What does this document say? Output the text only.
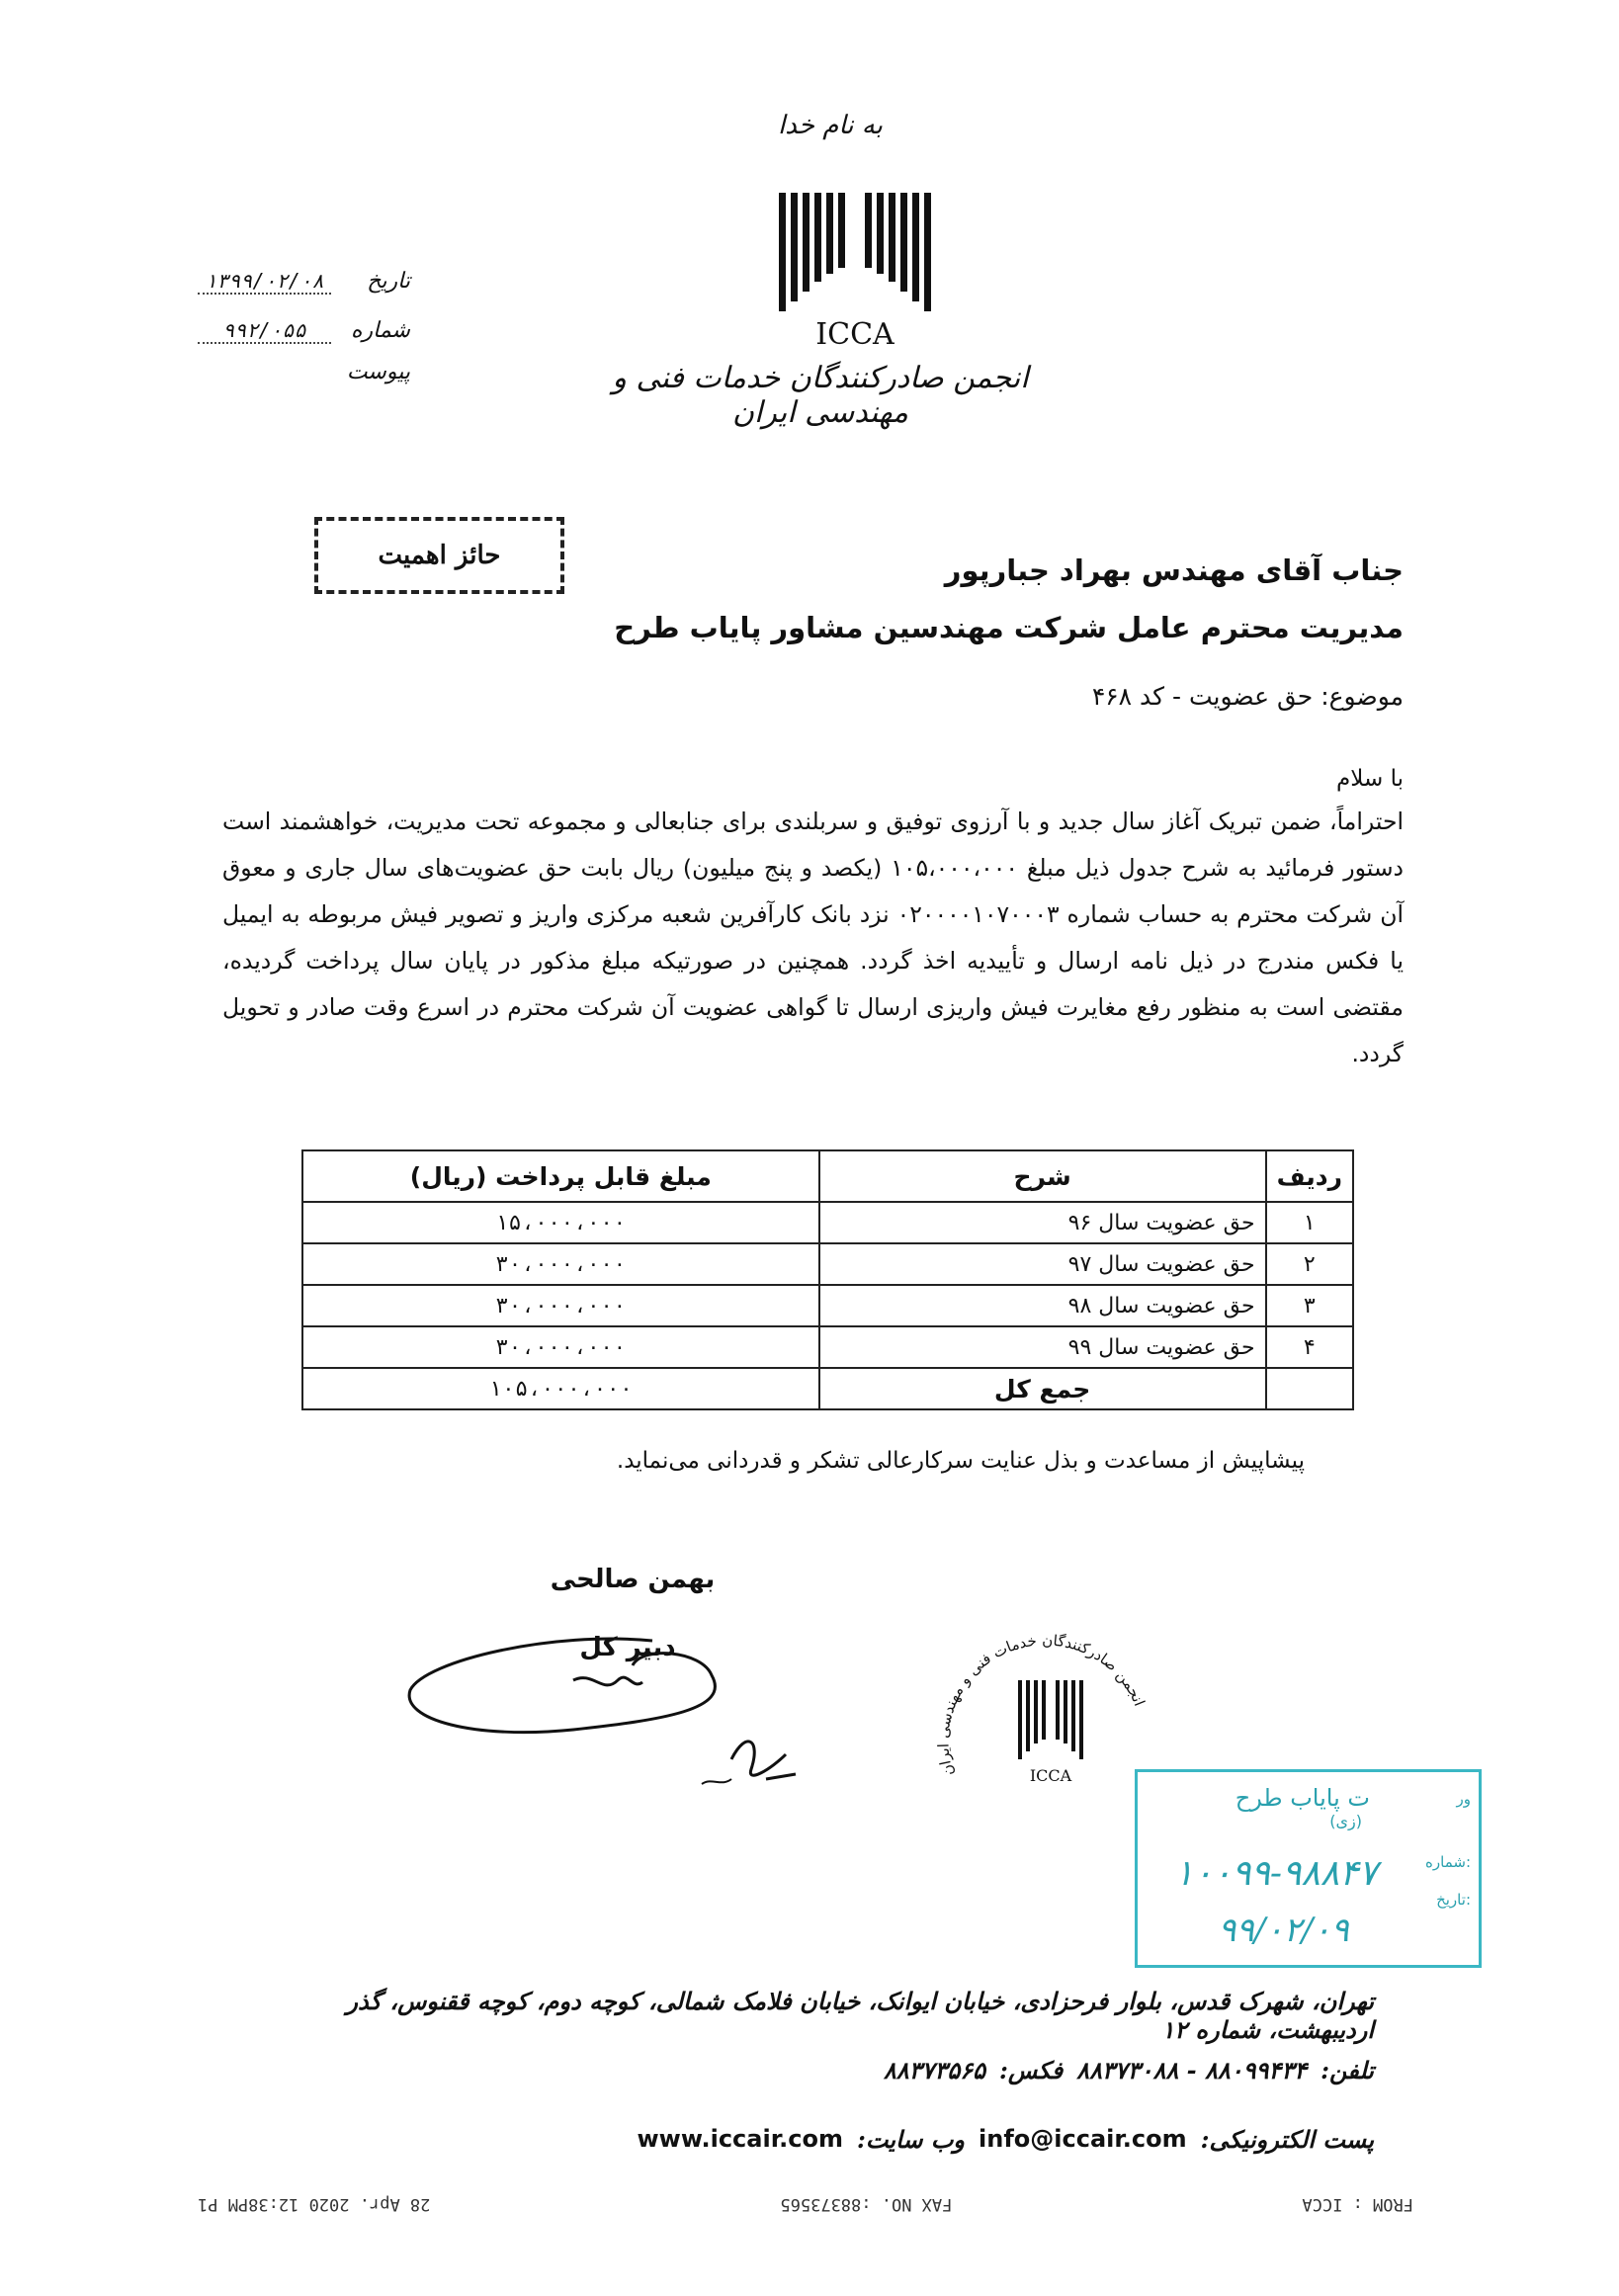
به نام خدا
ICCA
انجمن صادرکنندگان خدمات فنی و مهندسی ایران
تاریخ
۱۳۹۹/۰۲/۰۸
شماره
۹۹۲/۰۵۵
پیوست
حائز اهمیت	جناب آقای مهندس بهراد جبارپور
مدیریت محترم عامل شرکت مهندسین مشاور پایاب طرح
موضوع: حق عضویت - کد ۴۶۸
با سلام
احتراماً، ضمن تبریک آغاز سال جدید و با آرزوی توفیق و سربلندی برای جنابعالی و مجموعه تحت مدیریت، خواهشمند است دستور فرمائید به شرح جدول ذیل مبلغ ۱۰۵،۰۰۰،۰۰۰ (یکصد و پنج میلیون) ریال بابت حق عضویت‌های سال جاری و معوق آن شرکت محترم به حساب شماره ۰۲۰۰۰۰۱۰۷۰۰۰۳ نزد بانک کارآفرین شعبه مرکزی واریز و تصویر فیش مربوطه به ایمیل یا فکس مندرج در ذیل نامه ارسال و تأییدیه اخذ گردد. همچنین در صورتیکه مبلغ مذکور در پایان سال پرداخت گردیده، مقتضی است به منظور رفع مغایرت فیش واریزی ارسال تا گواهی عضویت آن شرکت محترم در اسرع وقت صادر و تحویل گردد.
ردیف	شرح	مبلغ قابل پرداخت (ریال)
۱	حق عضویت سال ۹۶	۱۵،۰۰۰،۰۰۰
۲	حق عضویت سال ۹۷	۳۰،۰۰۰،۰۰۰
۳	حق عضویت سال ۹۸	۳۰،۰۰۰،۰۰۰
۴	حق عضویت سال ۹۹	۳۰،۰۰۰،۰۰۰
	جمع کل	۱۰۵،۰۰۰،۰۰۰
پیشاپیش از مساعدت و بذل عنایت سرکارعالی تشکر و قدردانی می‌نماید.
بهمن صالحی
دبیر کل
انجمن صادرکنندگان خدمات فنی و مهندسی ایران
ICCA
ت پایاب طرح
(زی)
ور
شماره:
تاریخ:
۱۰۰۹۹-۹۸۸۴۷
۹۹/۰۲/۰۹
تهران، شهرک قدس، بلوار فرحزادی، خیابان ایوانک، خیابان فلامک شمالی، کوچه دوم، کوچه ققنوس، گذر اردیبهشت، شماره ۱۲
تلفن:
۸۸۰۹۹۴۳۴ - ۸۸۳۷۳۰۸۸
فکس:
۸۸۳۷۳۵۶۵
پست الکترونیکی:
info@iccair.com
وب سایت:
www.iccair.com
FROM : ICCA
FAX NO. :88373565
28 Apr. 2020 12:38PM P1
